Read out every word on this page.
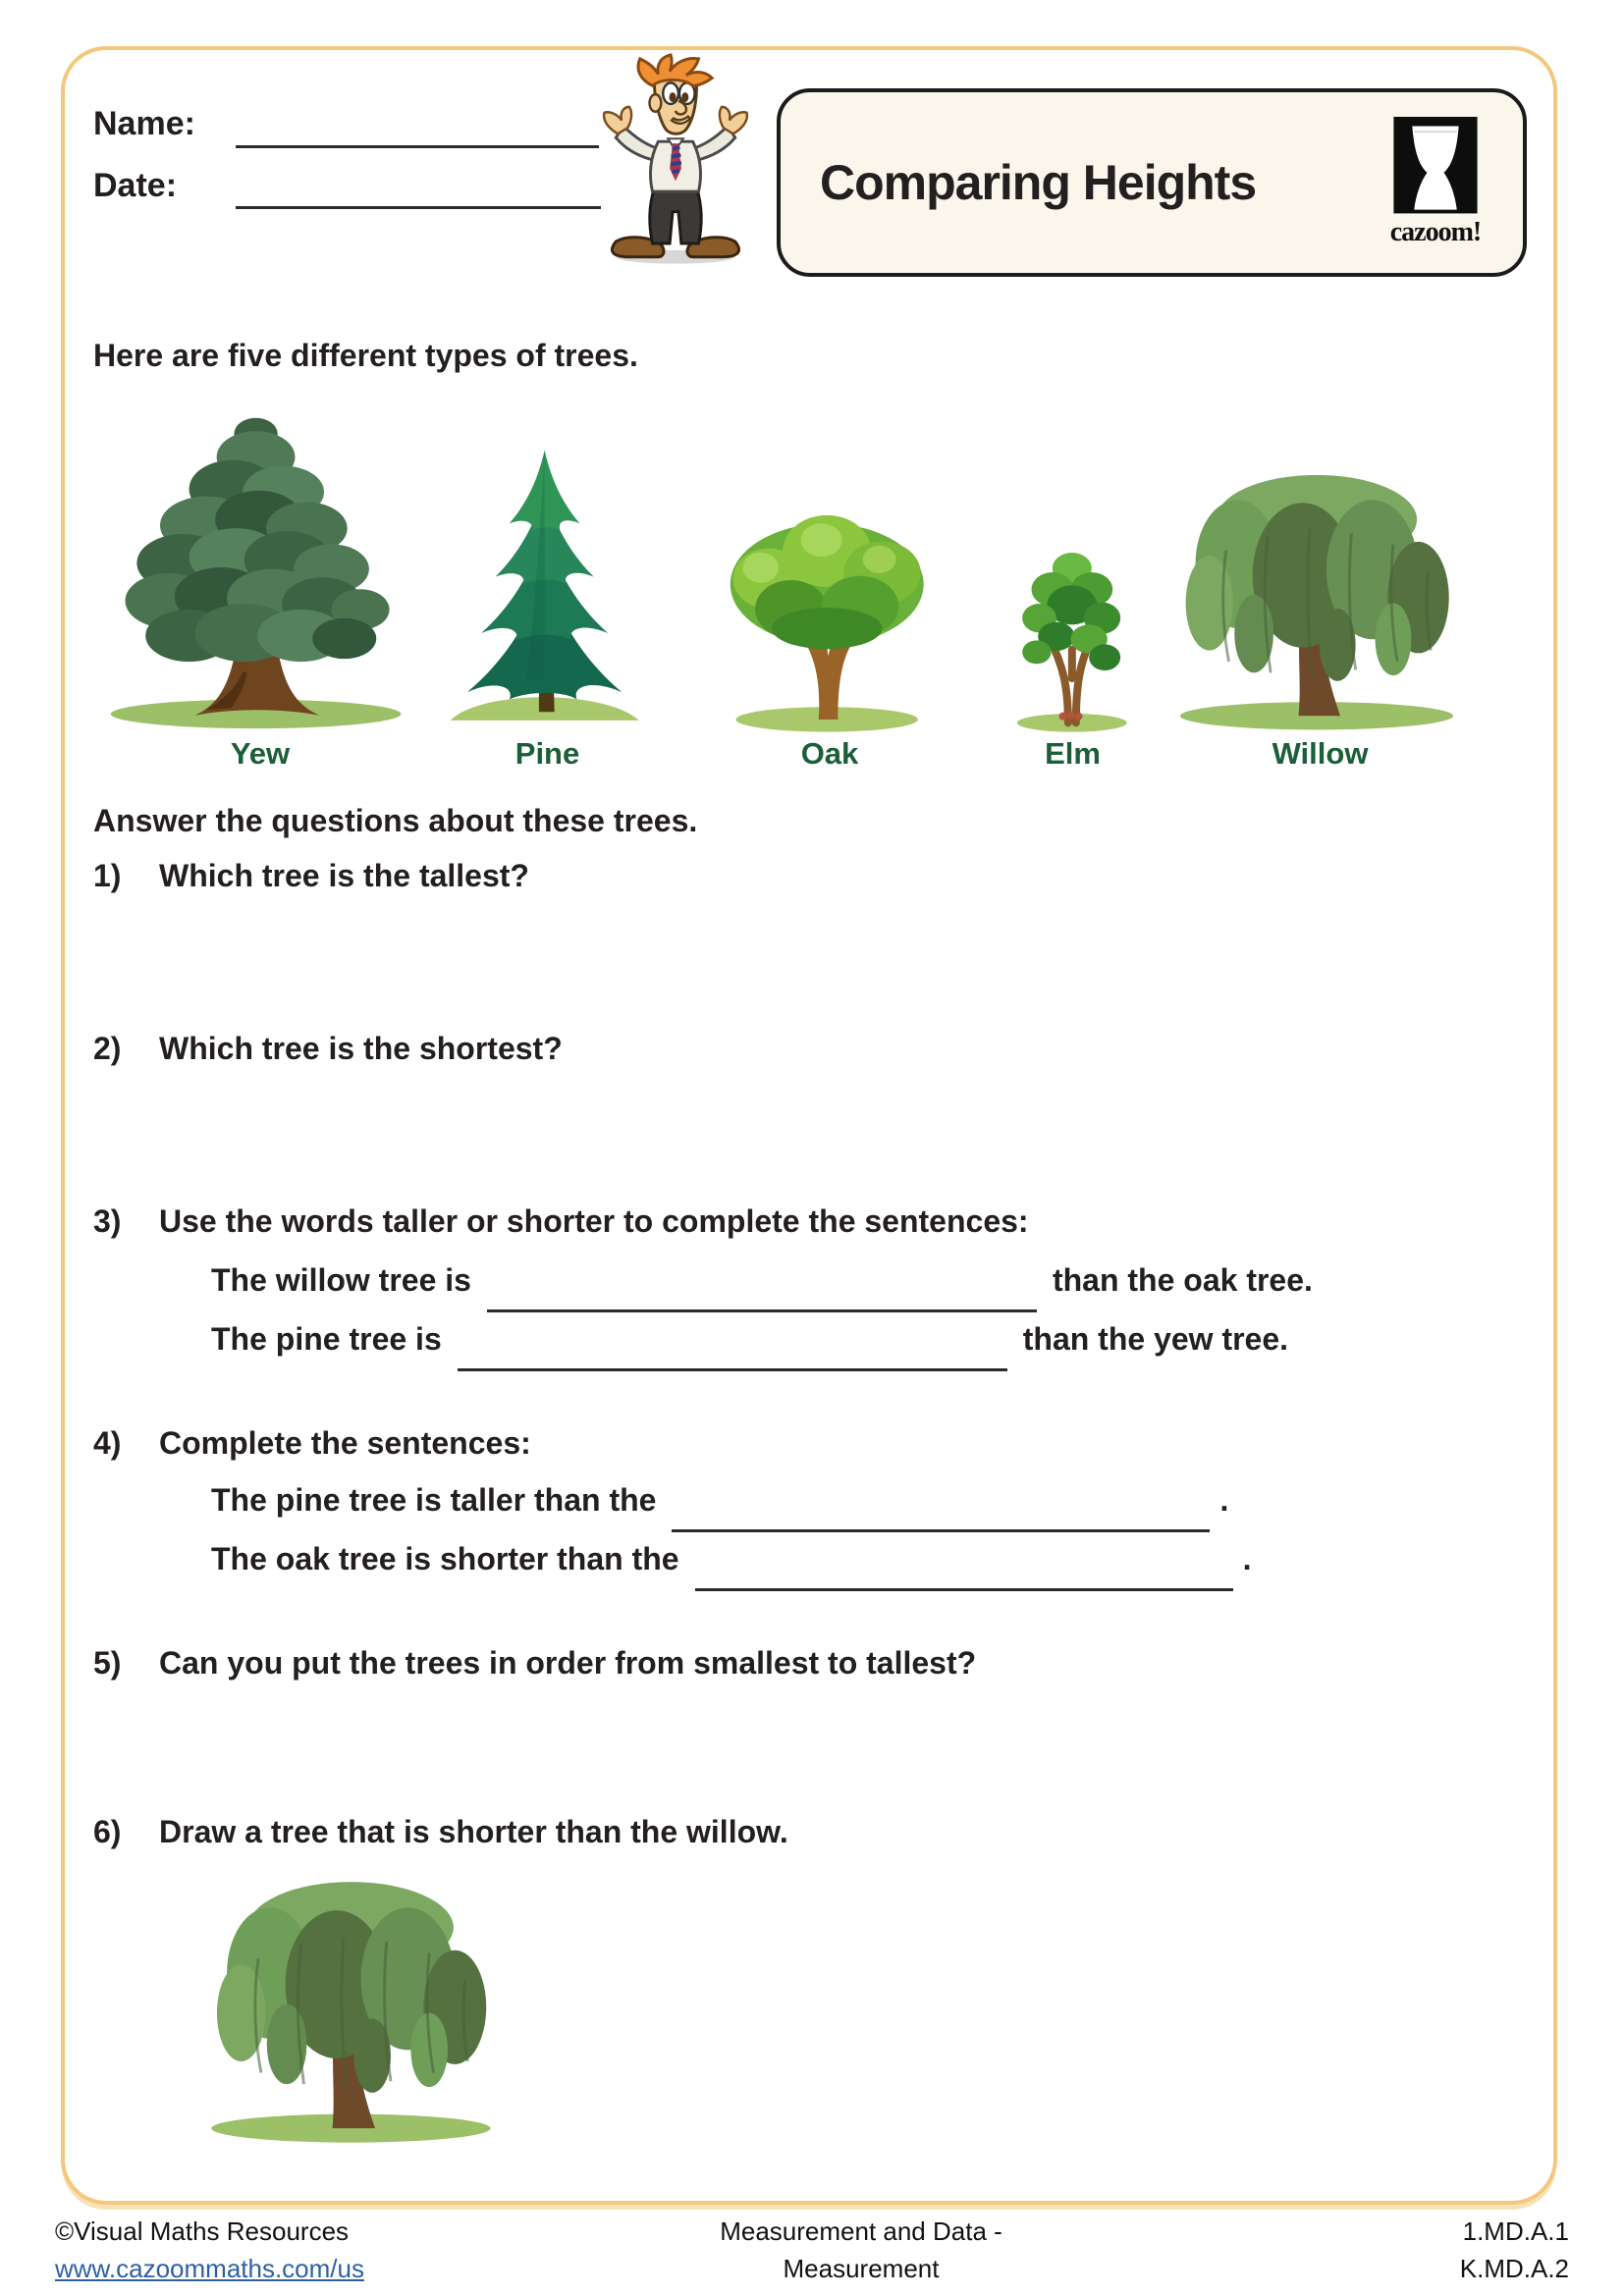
Name:
Date:	Comparing Heights
cazoom!
Here are five different types of trees.
Yew	Pine	Oak	Elm	Willow
Answer the questions about these trees.
1)	Which tree is the tallest?
2)	Which tree is the shortest?
3)	Use the words taller or shorter to complete the sentences:
The willow tree is	than the oak tree.
The pine tree is	than the yew tree.
4)	Complete the sentences:
The pine tree is taller than the	.
The oak tree is shorter than the	.
5)	Can you put the trees in order from smallest to tallest?
6)	Draw a tree that is shorter than the willow.
©Visual Maths Resources
www.cazoommaths.com/us
Measurement and Data -
Measurement
1.MD.A.1
K.MD.A.2
